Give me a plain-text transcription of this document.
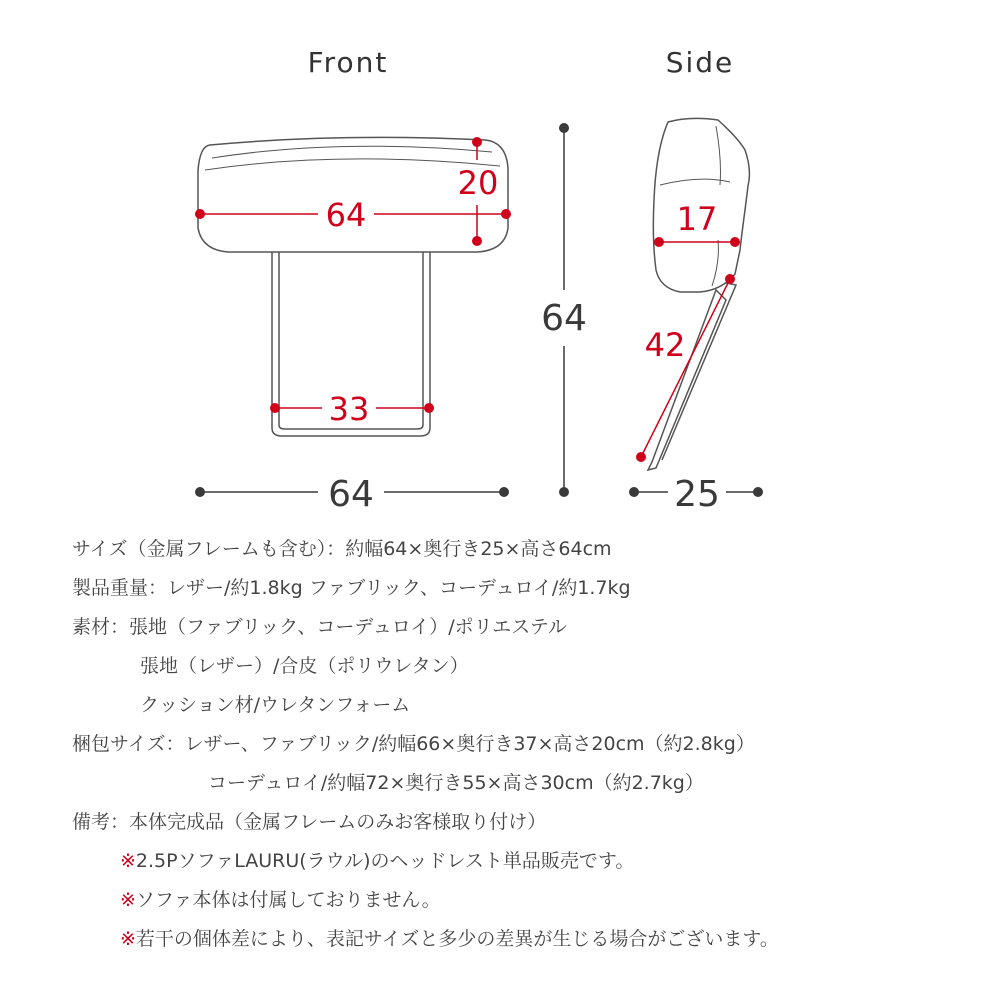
Front	Side
64
20
33
64
64
17
42
25
サイズ（金属フレームも含む）：約幅64×奥行き25×高さ64cm
製品重量：レザー/約1.8kg ファブリック、コーデュロイ/約1.7kg
素材：張地（ファブリック、コーデュロイ）/ポリエステル
張地（レザー）/合皮（ポリウレタン）
クッション材/ウレタンフォーム
梱包サイズ：レザー、ファブリック/約幅66×奥行き37×高さ20cm（約2.8kg）
コーデュロイ/約幅72×奥行き55×高さ30cm（約2.7kg）
備考：本体完成品（金属フレームのみお客様取り付け）
※2.5PソファLAURU(ラウル)のヘッドレスト単品販売です。
※ソファ本体は付属しておりません。
※若干の個体差により、表記サイズと多少の差異が生じる場合がございます。
